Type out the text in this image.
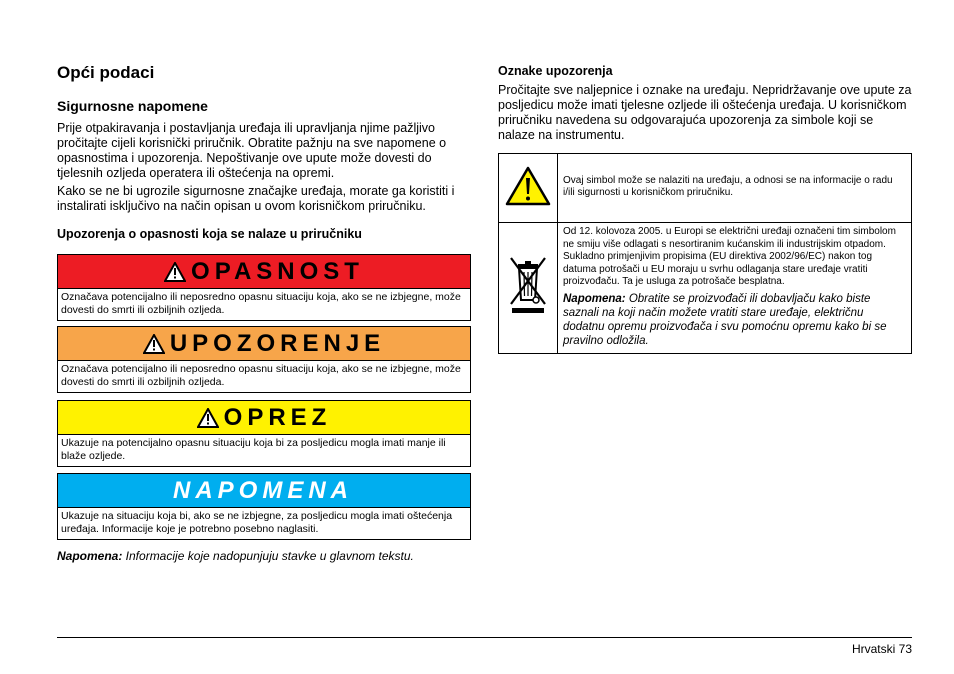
Opći podaci
Sigurnosne napomene

Prije otpakiravanja i postavljanja uređaja ili upravljanja njime pažljivo pročitajte cijeli korisnički priručnik. Obratite pažnju na sve napomene o opasnostima i upozorenja. Nepoštivanje ove upute može dovesti do tjelesnih ozljeda operatera ili oštećenja na opremi.

Kako se ne bi ugrozile sigurnosne značajke uređaja, morate ga koristiti i instalirati isključivo na način opisan u ovom korisničkom priručniku.

Upozorenja o opasnosti koja se nalaze u priručniku
OPASNOST
Označava potencijalno ili neposredno opasnu situaciju koja, ako se ne izbjegne, može dovesti do smrti ili ozbiljnih ozljeda.
UPOZORENJE
Označava potencijalno ili neposredno opasnu situaciju koja, ako se ne izbjegne, može dovesti do smrti ili ozbiljnih ozljeda.
OPREZ
Ukazuje na potencijalno opasnu situaciju koja bi za posljedicu mogla imati manje ili blaže ozljede.
NAPOMENA
Ukazuje na situaciju koja bi, ako se ne izbjegne, za posljedicu mogla imati oštećenja uređaja. Informacije koje je potrebno posebno naglasiti.

Napomena: Informacije koje nadopunjuju stavke u glavnom tekstu.

Oznake upozorenja

Pročitajte sve naljepnice i oznake na uređaju. Nepridržavanje ove upute za posljedicu može imati tjelesne ozljede ili oštećenja uređaja. U korisničkom priručniku navedena su odgovarajuća upozorenja za simbole koji se nalaze na instrumentu.

	Ovaj simbol može se nalaziti na uređaju, a odnosi se na informacije o radu i/ili sigurnosti u korisničkom priručniku.

Od 12. kolovoza 2005. u Europi se električni uređaji označeni tim simbolom ne smiju više odlagati s nesortiranim kućanskim ili industrijskim otpadom. Sukladno primjenjivim propisima (EU direktiva 2002/96/EC) nakon tog datuma potrošači u EU moraju u svrhu odlaganja stare uređaje vratiti proizvođaču. Ta je usluga za potrošače besplatna.
Napomena: Obratite se proizvođači ili dobavljaču kako biste saznali na koji način možete vratiti stare uređaje, električnu dodatnu opremu proizvođača i svu pomoćnu opremu kako bi se pravilno odložila.
Hrvatski 73
